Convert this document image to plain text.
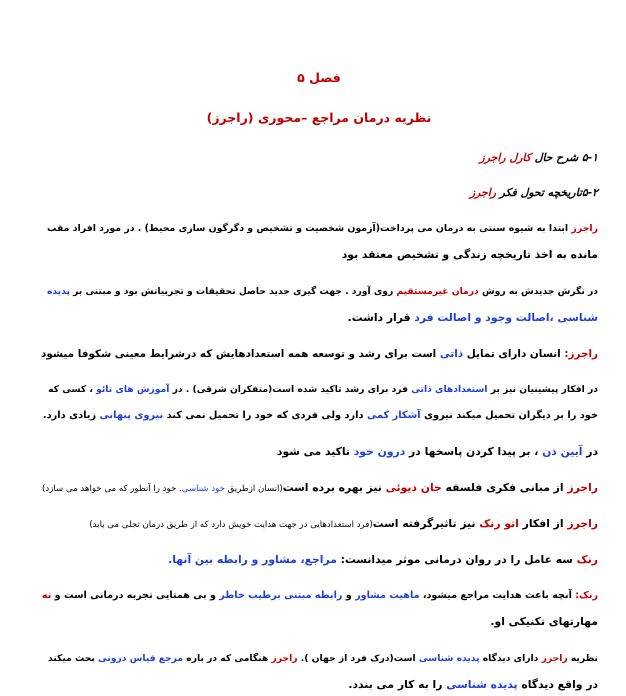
فصل ۵
نظریه درمان مراجع –محوری (راجرز)
۵-۱ شرح حال کارل راجرز
۵-۲تاریخچه تحول فکر راجرز
راجرز ابتدا به شیوه سنتی به درمان می پرداخت(آزمون شخصیت و تشخیص و دگرگون سازی محیط) . در مورد افراد مقب
مانده به اخذ تاریخچه زندگی و تشخیص معتقد بود
در نگرش جدیدش به روش درمان غیرمستقیم روی آورد . جهت گیری جدید حاصل تحقیقات و تجربیاتش بود و مبتنی بر پدیده
شناسی ،اصالت وجود و اصالت فرد قرار داشت.
راجرز: انسان دارای تمایل ذاتی است برای رشد و توسعه همه استعدادهایش که درشرایط معینی شکوفا میشود
در افکار پیشینیان نیز بر استعدادهای ذاتی فرد برای رشد تاکید شده است(متفکران شرقی) . در آموزش های تائو ، کسی که
خود را بر دیگران تحمیل میکند نیروی آشکار کمی دارد ولی فردی که خود را تحمیل نمی کند نیروی پنهانی زیادی دارد.
در آیین ذن ، بر پیدا کردن پاسخها در درون خود تاکید می شود
راجرز از مبانی فکری فلسفه جان دیوئی نیز بهره برده است(انسان ازطریق خود شناسی. خود را آنطور که می خواهد می سازد)
راجرز از افکار اتو رنک نیز تاثیرگرفته است(فرد استعدادهایی در جهت هدایت خویش دارد که از طریق درمان تجلی می یابد)
رنک سه عامل را در روان درمانی موثر میدانست: مراجع، مشاور و رابطه بین آنها.
رنک: آنچه باعث هدایت مراجع میشود، ماهیت مشاور و رابطه مبتنی برطیب خاطر و بی همتایی تجربه درمانی است و نه
مهارتهای تکنیکی او.
نظریه راجرز دارای دیدگاه پدیده شناسی است(درک فرد از جهان ). راجرز هنگامی که در باره مرجع قیاس درونی بحث میکند
در واقع دیدگاه پدیده شناسی را به کار می بندد.
